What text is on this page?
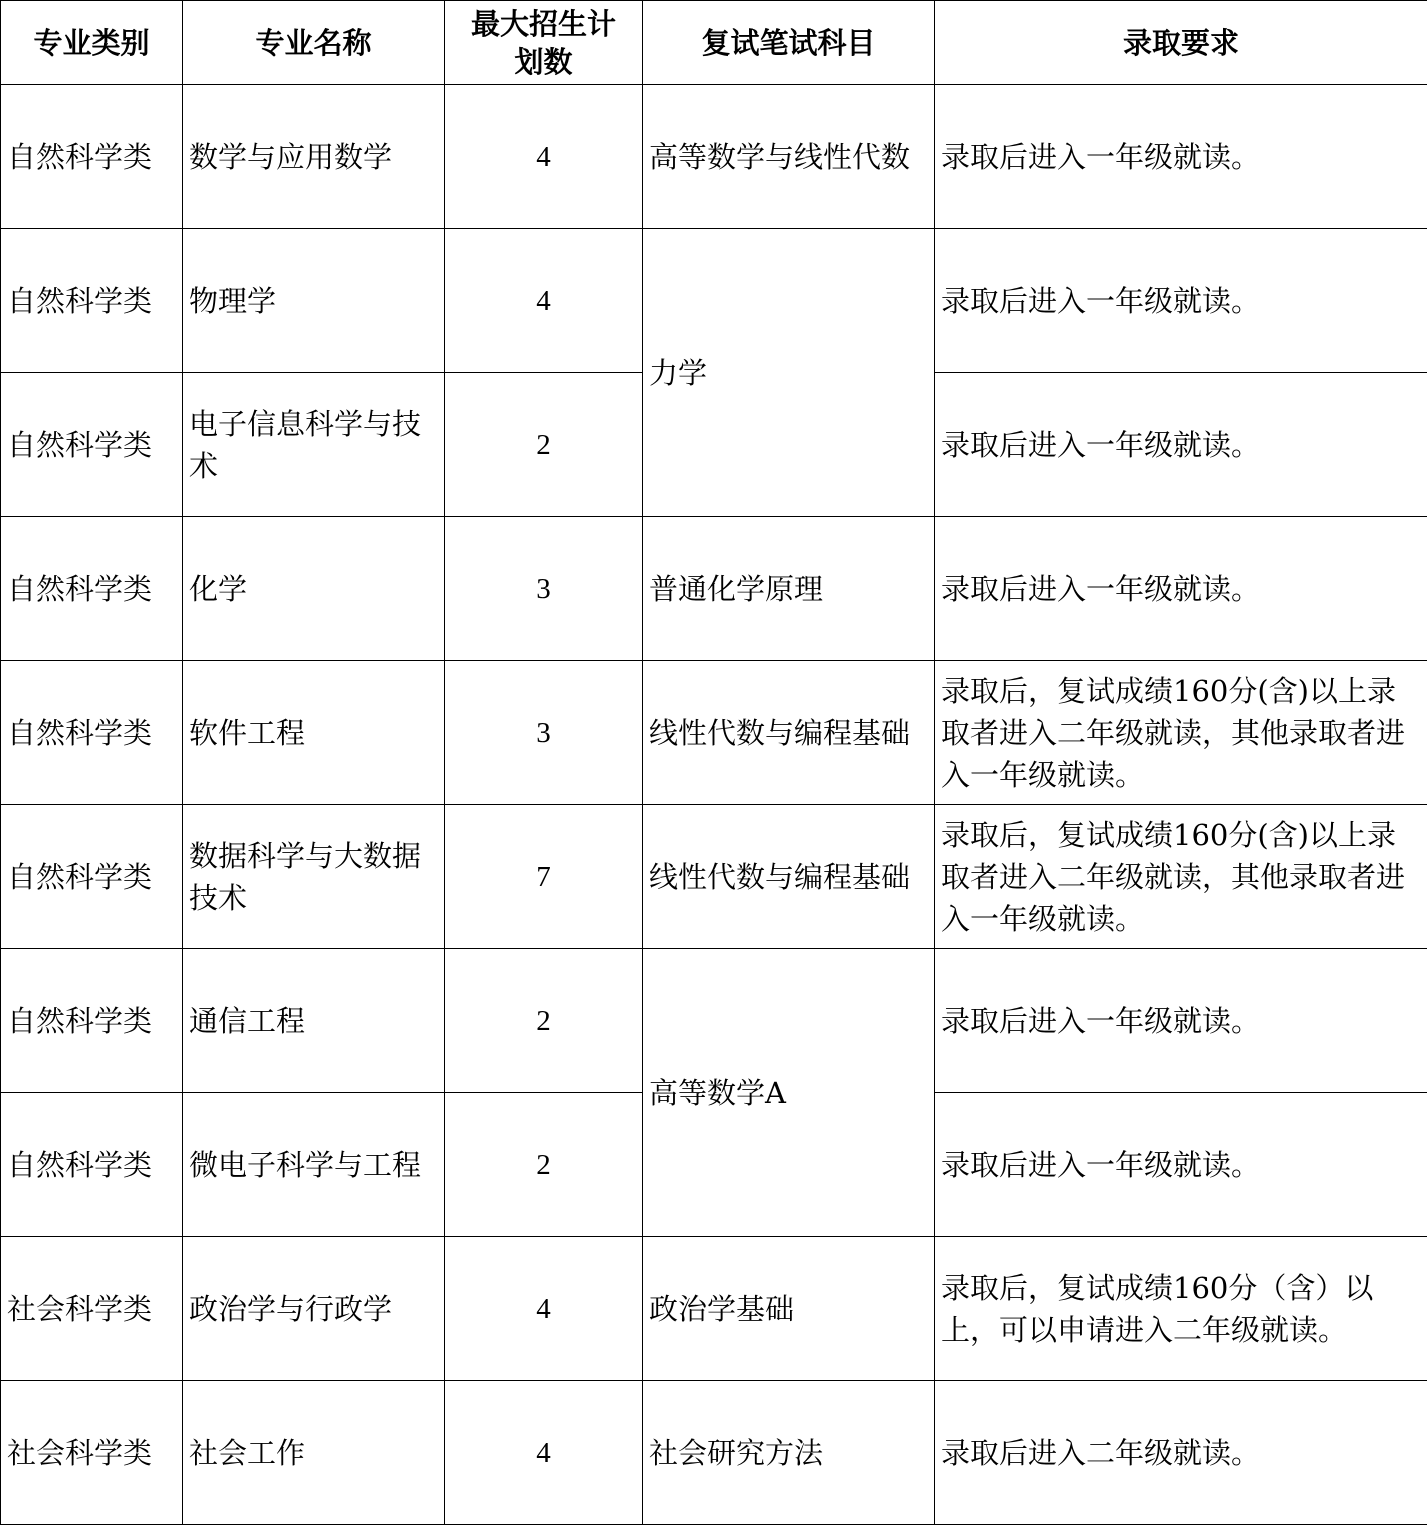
专业类别	专业名称	最大招生计划数	复试笔试科目	录取要求
自然科学类	数学与应用数学	4	高等数学与线性代数	录取后进入一年级就读。
自然科学类	物理学	4	力学	录取后进入一年级就读。
自然科学类	电子信息科学与技术	2		录取后进入一年级就读。
自然科学类	化学	3	普通化学原理	录取后进入一年级就读。
自然科学类	软件工程	3	线性代数与编程基础	录取后，复试成绩160分(含)以上录取者进入二年级就读，其他录取者进入一年级就读。
自然科学类	数据科学与大数据技术	7	线性代数与编程基础	录取后，复试成绩160分(含)以上录取者进入二年级就读，其他录取者进入一年级就读。
自然科学类	通信工程	2	高等数学A	录取后进入一年级就读。
自然科学类	微电子科学与工程	2		录取后进入一年级就读。
社会科学类	政治学与行政学	4	政治学基础	录取后，复试成绩160分（含）以上，可以申请进入二年级就读。
社会科学类	社会工作	4	社会研究方法	录取后进入二年级就读。
